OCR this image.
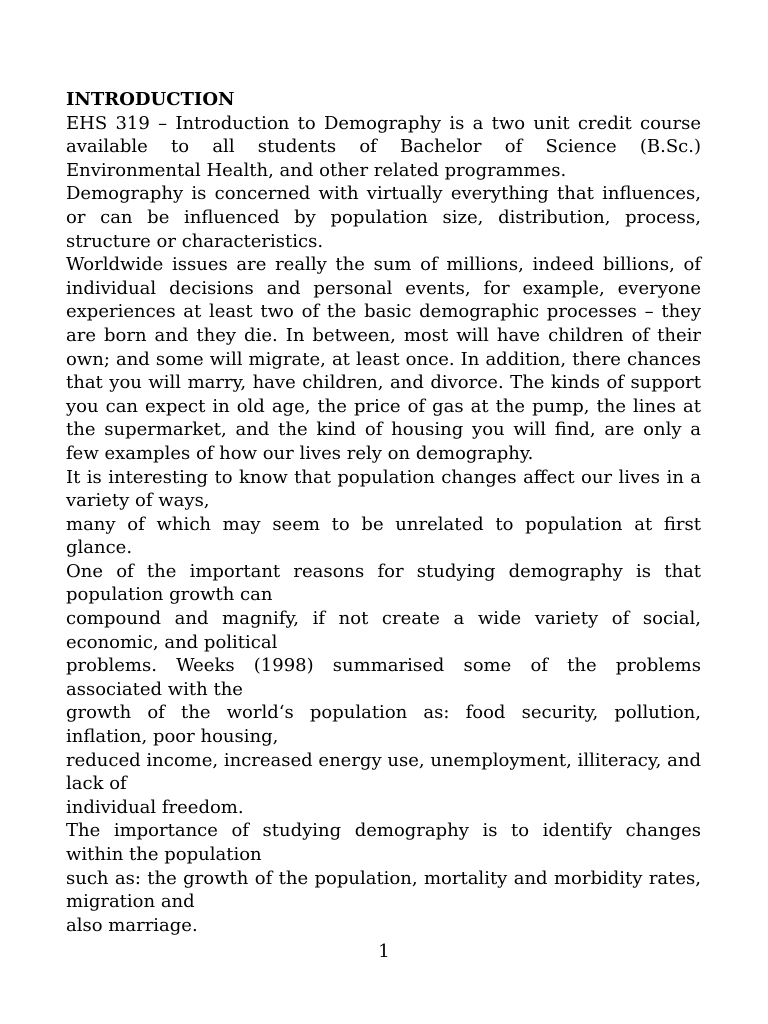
INTRODUCTION

EHS 319 – Introduction to Demography is a two unit credit course available to all students of Bachelor of Science (B.Sc.) Environmental Health, and other related programmes.

Demography is concerned with virtually everything that influences, or can be influenced by population size, distribution, process, structure or characteristics.

Worldwide issues are really the sum of millions, indeed billions, of individual decisions and personal events, for example, everyone experiences at least two of the basic demographic processes – they are born and they die. In between, most will have children of their own; and some will migrate, at least once. In addition, there chances that you will marry, have children, and divorce. The kinds of support you can expect in old age, the price of gas at the pump, the lines at the supermarket, and the kind of housing you will find, are only a few examples of how our lives rely on demography.

It is interesting to know that population changes affect our lives in a variety of ways,

many of which may seem to be unrelated to population at first glance.

One of the important reasons for studying demography is that population growth can

compound and magnify, if not create a wide variety of social, economic, and political

problems. Weeks (1998) summarised some of the problems associated with the

growth of the world‘s population as: food security, pollution, inflation, poor housing,

reduced income, increased energy use, unemployment, illiteracy, and lack of

individual freedom.

The importance of studying demography is to identify changes within the population

such as: the growth of the population, mortality and morbidity rates, migration and

also marriage.

1
